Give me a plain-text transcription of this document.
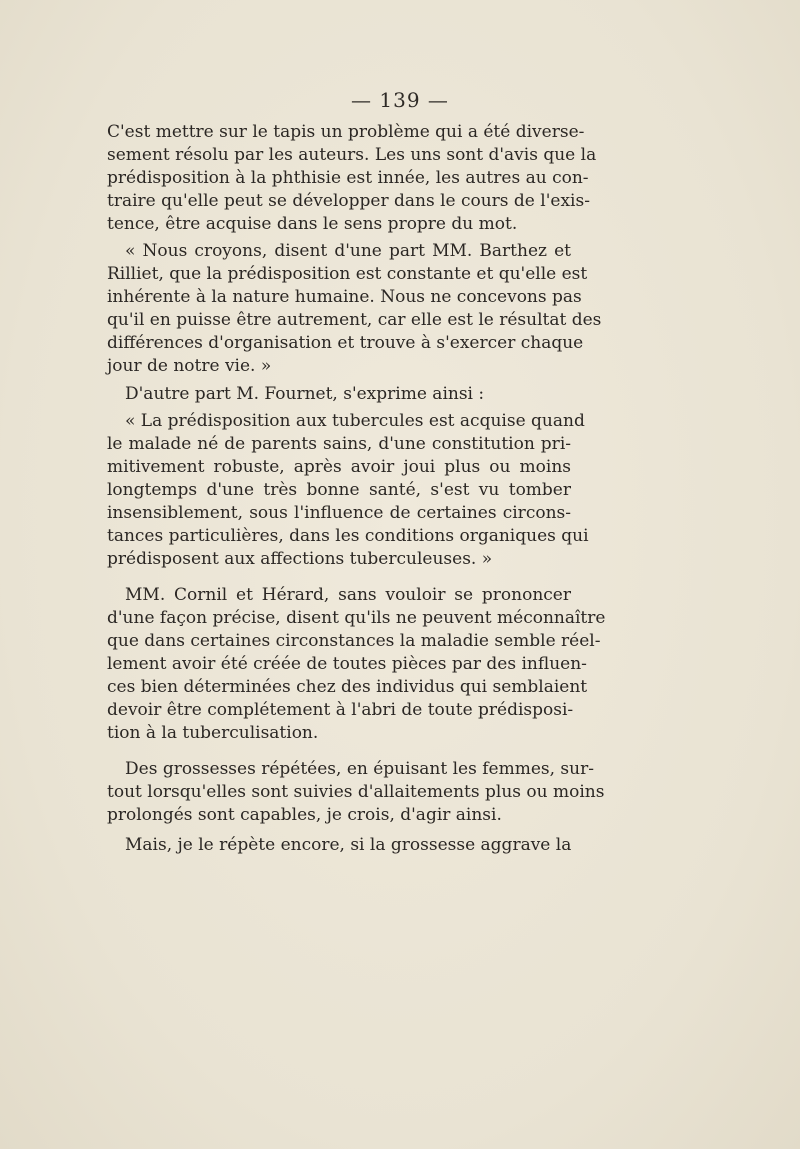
— 139 —
C'est mettre sur le tapis un problème qui a été diverse-
sement résolu par les auteurs. Les uns sont d'avis que la
prédisposition à la phthisie est innée, les autres au con-
traire qu'elle peut se développer dans le cours de l'exis-
tence, être acquise dans le sens propre du mot.
« Nous croyons, disent d'une part MM. Barthez et
Rilliet, que la prédisposition est constante et qu'elle est
inhérente à la nature humaine. Nous ne concevons pas
qu'il en puisse être autrement, car elle est le résultat des
différences d'organisation et trouve à s'exercer chaque
jour de notre vie. »
D'autre part M. Fournet, s'exprime ainsi :
« La prédisposition aux tubercules est acquise quand
le malade né de parents sains, d'une constitution pri-
mitivement robuste, après avoir joui plus ou moins
longtemps d'une très bonne santé, s'est vu tomber
insensiblement, sous l'influence de certaines circons-
tances particulières, dans les conditions organiques qui
prédisposent aux affections tuberculeuses. »
MM. Cornil et Hérard, sans vouloir se prononcer
d'une façon précise, disent qu'ils ne peuvent méconnaître
que dans certaines circonstances la maladie semble réel-
lement avoir été créée de toutes pièces par des influen-
ces bien déterminées chez des individus qui semblaient
devoir être complétement à l'abri de toute prédisposi-
tion à la tuberculisation.
Des grossesses répétées, en épuisant les femmes, sur-
tout lorsqu'elles sont suivies d'allaitements plus ou moins
prolongés sont capables, je crois, d'agir ainsi.
Mais, je le répète encore, si la grossesse aggrave la
